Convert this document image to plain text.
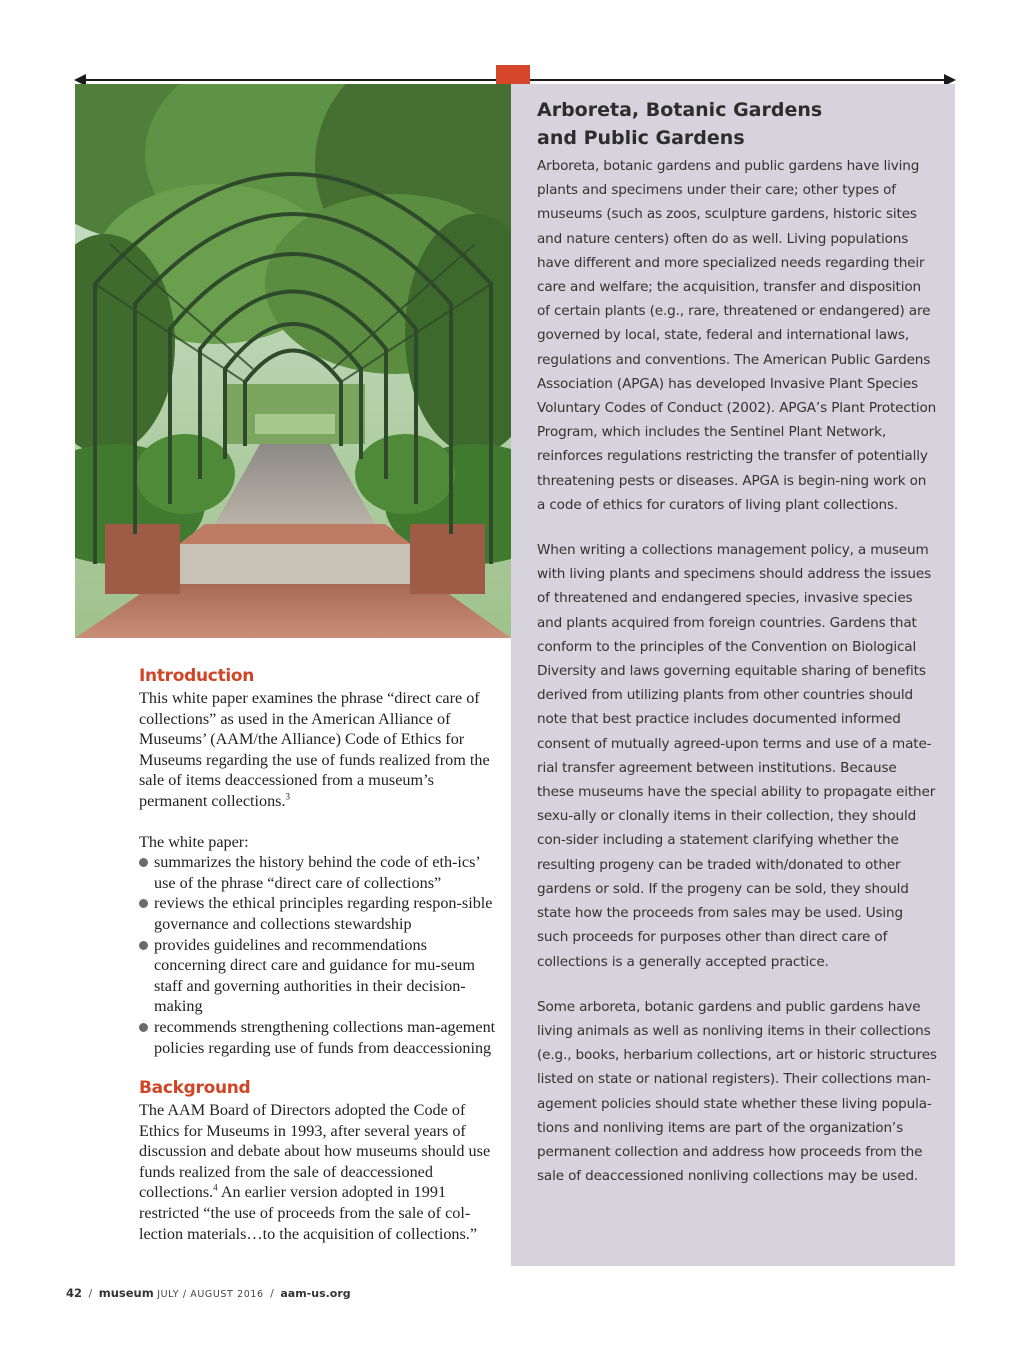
Arboreta, Botanic Gardens
and Public Gardens

Arboreta, botanic gardens and public gardens have living plants and specimens under their care; other types of museums (such as zoos, sculpture gardens, historic sites and nature centers) often do as well. Living populations have different and more specialized needs regarding their care and welfare; the acquisition, transfer and disposition of certain plants (e.g., rare, threatened or endangered) are governed by local, state, federal and international laws, regulations and conventions. The American Public Gardens Association (APGA) has developed Invasive Plant Species Voluntary Codes of Conduct (2002). APGA’s Plant Protection Program, which includes the Sentinel Plant Network, reinforces regulations restricting the transfer of potentially threatening pests or diseases. APGA is begin-ning work on a code of ethics for curators of living plant collections.

When writing a collections management policy, a museum with living plants and specimens should address the issues of threatened and endangered species, invasive species and plants acquired from foreign countries. Gardens that conform to the principles of the Convention on Biological Diversity and laws governing equitable sharing of benefits derived from utilizing plants from other countries should note that best practice includes documented informed consent of mutually agreed-upon terms and use of a mate-rial transfer agreement between institutions. Because these museums have the special ability to propagate either sexu-ally or clonally items in their collection, they should con-sider including a statement clarifying whether the resulting progeny can be traded with/donated to other gardens or sold. If the progeny can be sold, they should state how the proceeds from sales may be used. Using such proceeds for purposes other than direct care of collections is a generally accepted practice.

Some arboreta, botanic gardens and public gardens have living animals as well as nonliving items in their collections (e.g., books, herbarium collections, art or historic structures listed on state or national registers). Their collections man-agement policies should state whether these living popula-tions and nonliving items are part of the organization’s permanent collection and address how proceeds from the sale of deaccessioned nonliving collections may be used.

Introduction

This white paper examines the phrase “direct care of collections” as used in the American Alliance of Museums’ (AAM/the Alliance) Code of Ethics for Museums regarding the use of funds realized from the sale of items deaccessioned from a museum’s permanent collections.$^3$

The white paper:

summarizes the history behind the code of eth-ics’ use of the phrase “direct care of collections”
reviews the ethical principles regarding respon-sible governance and collections stewardship
provides guidelines and recommendations concerning direct care and guidance for mu-seum staff and governing authorities in their decision-making
recommends strengthening collections man-agement policies regarding use of funds from deaccessioning
Background

The AAM Board of Directors adopted the Code of Ethics for Museums in 1993, after several years of discussion and debate about how museums should use funds realized from the sale of deaccessioned collections.$^4$ An earlier version adopted in 1991 restricted “the use of proceeds from the sale of col-lection materials…to the acquisition of collections.”

42 / museum JULY / AUGUST 2016 / aam-us.org
